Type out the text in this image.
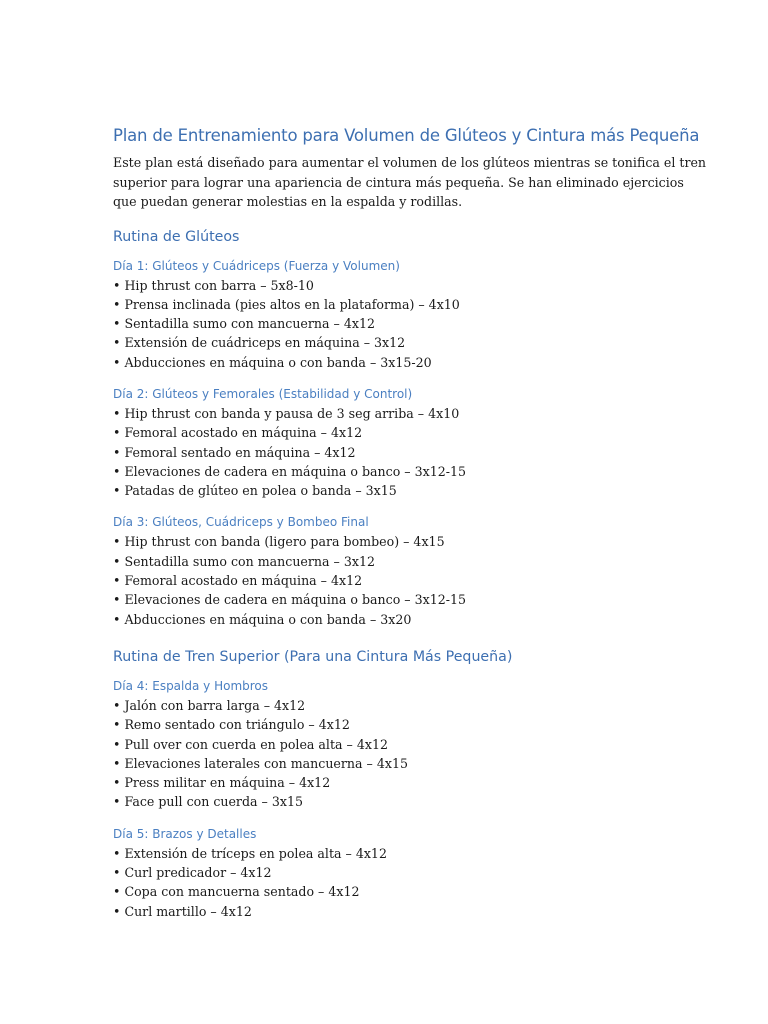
Plan de Entrenamiento para Volumen de Glúteos y Cintura más Pequeña

Este plan está diseñado para aumentar el volumen de los glúteos mientras se tonifica el tren
superior para lograr una apariencia de cintura más pequeña. Se han eliminado ejercicios
que puedan generar molestias en la espalda y rodillas.

Rutina de Glúteos
Día 1: Glúteos y Cuádriceps (Fuerza y Volumen)
• Hip thrust con barra – 5x8-10
• Prensa inclinada (pies altos en la plataforma) – 4x10
• Sentadilla sumo con mancuerna – 4x12
• Extensión de cuádriceps en máquina – 3x12
• Abducciones en máquina o con banda – 3x15-20
Día 2: Glúteos y Femorales (Estabilidad y Control)
• Hip thrust con banda y pausa de 3 seg arriba – 4x10
• Femoral acostado en máquina – 4x12
• Femoral sentado en máquina – 4x12
• Elevaciones de cadera en máquina o banco – 3x12-15
• Patadas de glúteo en polea o banda – 3x15
Día 3: Glúteos, Cuádriceps y Bombeo Final
• Hip thrust con banda (ligero para bombeo) – 4x15
• Sentadilla sumo con mancuerna – 3x12
• Femoral acostado en máquina – 4x12
• Elevaciones de cadera en máquina o banco – 3x12-15
• Abducciones en máquina o con banda – 3x20
Rutina de Tren Superior (Para una Cintura Más Pequeña)
Día 4: Espalda y Hombros
• Jalón con barra larga – 4x12
• Remo sentado con triángulo – 4x12
• Pull over con cuerda en polea alta – 4x12
• Elevaciones laterales con mancuerna – 4x15
• Press militar en máquina – 4x12
• Face pull con cuerda – 3x15
Día 5: Brazos y Detalles
• Extensión de tríceps en polea alta – 4x12
• Curl predicador – 4x12
• Copa con mancuerna sentado – 4x12
• Curl martillo – 4x12
